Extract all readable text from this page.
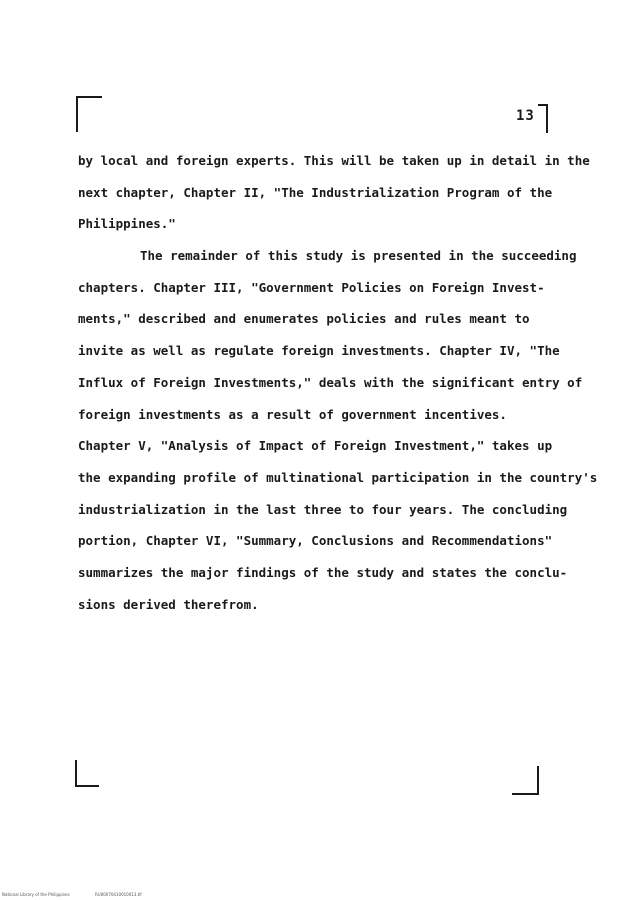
13
by local and foreign experts. This will be taken up in detail in the
next chapter, Chapter II, "The Industrialization Program of the
Philippines."
The remainder of this study is presented in the succeeding
chapters. Chapter III, "Government Policies on Foreign Invest-
ments," described and enumerates policies and rules meant to
invite as well as regulate foreign investments. Chapter IV, "The
Influx of Foreign Investments," deals with the significant entry of
foreign investments as a result of government incentives.
Chapter V, "Analysis of Impact of Foreign Investment," takes up
the expanding profile of multinational participation in the country's
industrialization in the last three to four years. The concluding
portion, Chapter VI, "Summary, Conclusions and Recommendations"
summarizes the major findings of the study and states the conclu-
sions derived therefrom.
National Library of the Philippines	RU00070410010013.tif
